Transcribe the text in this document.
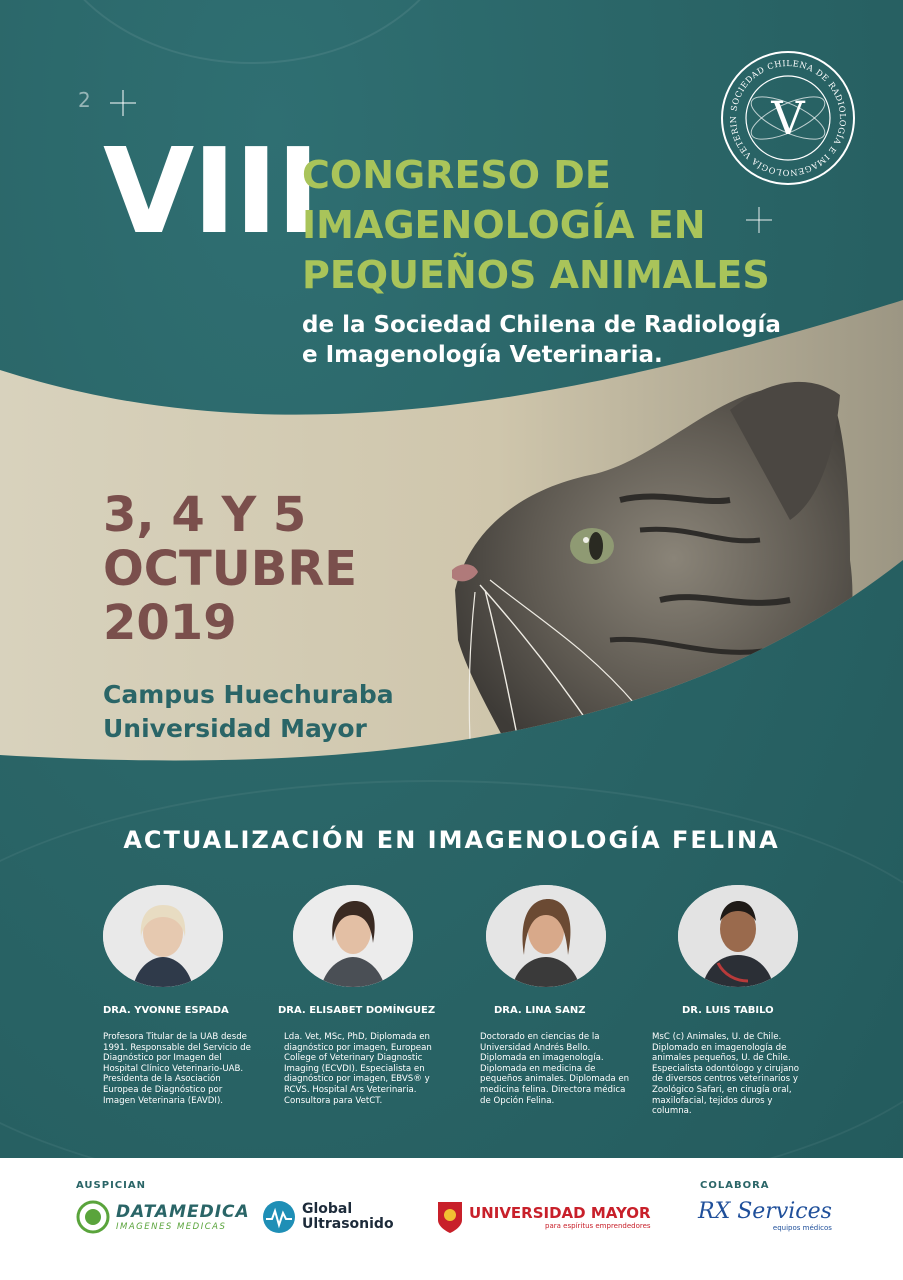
2	SOCIEDAD CHILENA DE RADIOLOGÍA E IMAGENOLOGÍA VETERIN V
VIII
CONGRESO DE
IMAGENOLOGÍA EN
PEQUEÑOS ANIMALES
de la Sociedad Chilena de Radiología
e Imagenología Veterinaria.
3, 4 Y 5
OCTUBRE
2019
Campus Huechuraba
Universidad Mayor
ACTUALIZACIÓN EN IMAGENOLOGÍA FELINA
DRA. YVONNE ESPADA
Profesora Titular de la UAB desde 1991. Responsable del Servicio de Diagnóstico por Imagen del Hospital Clínico Veterinario-UAB. Presidenta de la Asociación Europea de Diagnóstico por Imagen Veterinaria (EAVDI).
DRA. ELISABET DOMÍNGUEZ
Lda. Vet, MSc, PhD, Diplomada en diagnóstico por imagen, European College of Veterinary Diagnostic Imaging (ECVDI). Especialista en diagnóstico por imagen, EBVS® y RCVS. Hospital Ars Veterinaria. Consultora para VetCT.
DRA. LINA SANZ
Doctorado en ciencias de la Universidad Andrés Bello. Diplomada en imagenología. Diplomada en medicina de pequeños animales. Diplomada en medicina felina. Directora médica de Opción Felina.
DR. LUIS TABILO
MsC (c) Animales, U. de Chile. Diplomado en imagenología de animales pequeños, U. de Chile. Especialista odontólogo y cirujano de diversos centros veterinarios y Zoológico Safari, en cirugía oral, maxilofacial, tejidos duros y columna.
AUSPICIAN	COLABORA
DATAMEDICA
IMAGENES MEDICAS
Global
Ultrasonido
UNIVERSIDAD MAYOR
para espíritus emprendedores
RX Services
equipos médicos
